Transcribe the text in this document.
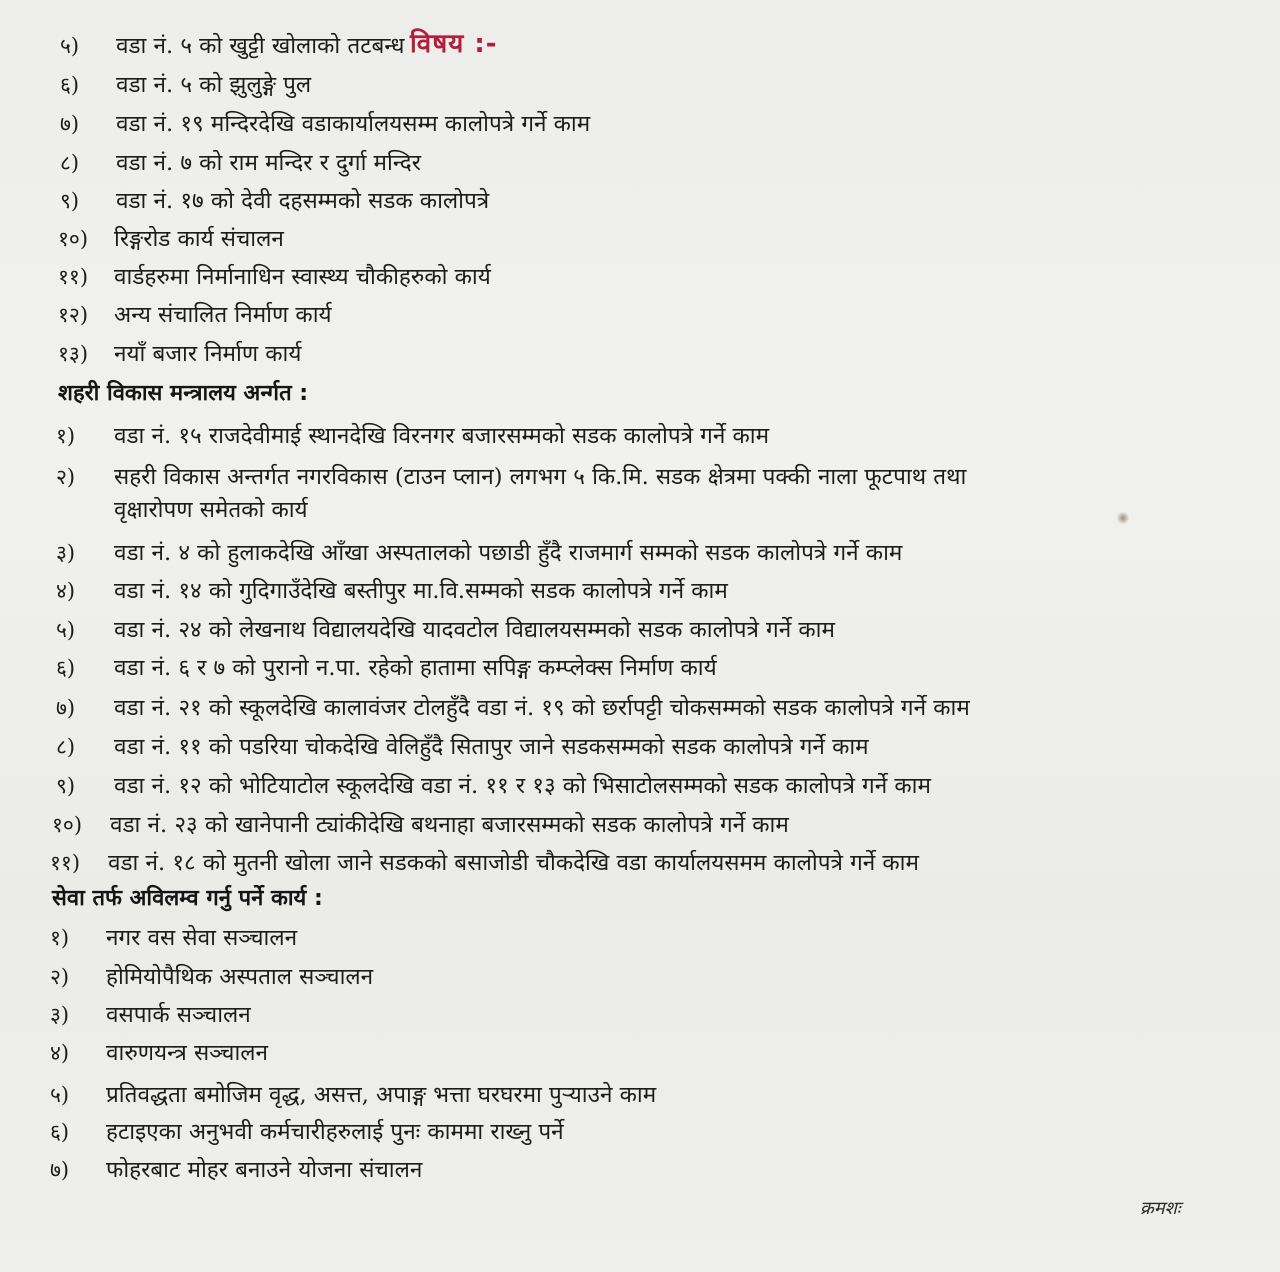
विषय :-
५)	वडा नं. ५ को खुट्टी खोलाको तटबन्ध
६)	वडा नं. ५ को झुलुङ्गे पुल
७)	वडा नं. १९ मन्दिरदेखि वडाकार्यालयसम्म कालोपत्रे गर्ने काम
८)	वडा नं. ७ को राम मन्दिर र दुर्गा मन्दिर
९)	वडा नं. १७ को देवी दहसम्मको सडक कालोपत्रे
१०)	रिङ्गरोड कार्य संचालन
११)	वार्डहरुमा निर्मानाधिन स्वास्थ्य चौकीहरुको कार्य
१२)	अन्य संचालित निर्माण कार्य
१३)	नयाँ बजार निर्माण कार्य
शहरी विकास मन्त्रालय अर्न्गत :
१)	वडा नं. १५ राजदेवीमाई स्थानदेखि विरनगर बजारसम्मको सडक कालोपत्रे गर्ने काम
२)	सहरी विकास अन्तर्गत नगरविकास (टाउन प्लान) लगभग ५ कि.मि. सडक क्षेत्रमा पक्की नाला फूटपाथ तथा
वृक्षारोपण समेतको कार्य
३)	वडा नं. ४ को हुलाकदेखि आँखा अस्पतालको पछाडी हुँदै राजमार्ग सम्मको सडक कालोपत्रे गर्ने काम
४)	वडा नं. १४ को गुदिगाउँदेखि बस्तीपुर मा.वि.सम्मको सडक कालोपत्रे गर्ने काम
५)	वडा नं. २४ को लेखनाथ विद्यालयदेखि यादवटोल विद्यालयसम्मको सडक कालोपत्रे गर्ने काम
६)	वडा नं. ६ र ७ को पुरानो न.पा. रहेको हातामा सपिङ्ग कम्प्लेक्स निर्माण कार्य
७)	वडा नं. २१ को स्कूलदेखि कालावंजर टोलहुँदै वडा नं. १९ को छर्रापट्टी चोकसम्मको सडक कालोपत्रे गर्ने काम
८)	वडा नं. ११ को पडरिया चोकदेखि वेलिहुँदै सितापुर जाने सडकसम्मको सडक कालोपत्रे गर्ने काम
९)	वडा नं. १२ को भोटियाटोल स्कूलदेखि वडा नं. ११ र १३ को भिसाटोलसम्मको सडक कालोपत्रे गर्ने काम
१०)	वडा नं. २३ को खानेपानी ट्यांकीदेखि बथनाहा बजारसम्मको सडक कालोपत्रे गर्ने काम
११)	वडा नं. १८ को मुतनी खोला जाने सडकको बसाजोडी चौकदेखि वडा कार्यालयसमम कालोपत्रे गर्ने काम
सेवा तर्फ अविलम्व गर्नु पर्ने कार्य :
१)	नगर वस सेवा सञ्चालन
२)	होमियोपैथिक अस्पताल सञ्चालन
३)	वसपार्क सञ्चालन
४)	वारुणयन्त्र सञ्चालन
५)	प्रतिवद्धता बमोजिम वृद्ध, असत्त, अपाङ्ग भत्ता घरघरमा पुर्‍याउने काम
६)	हटाइएका अनुभवी कर्मचारीहरुलाई पुनः काममा राख्नु पर्ने
७)	फोहरबाट मोहर बनाउने योजना संचालन
क्रमशः
